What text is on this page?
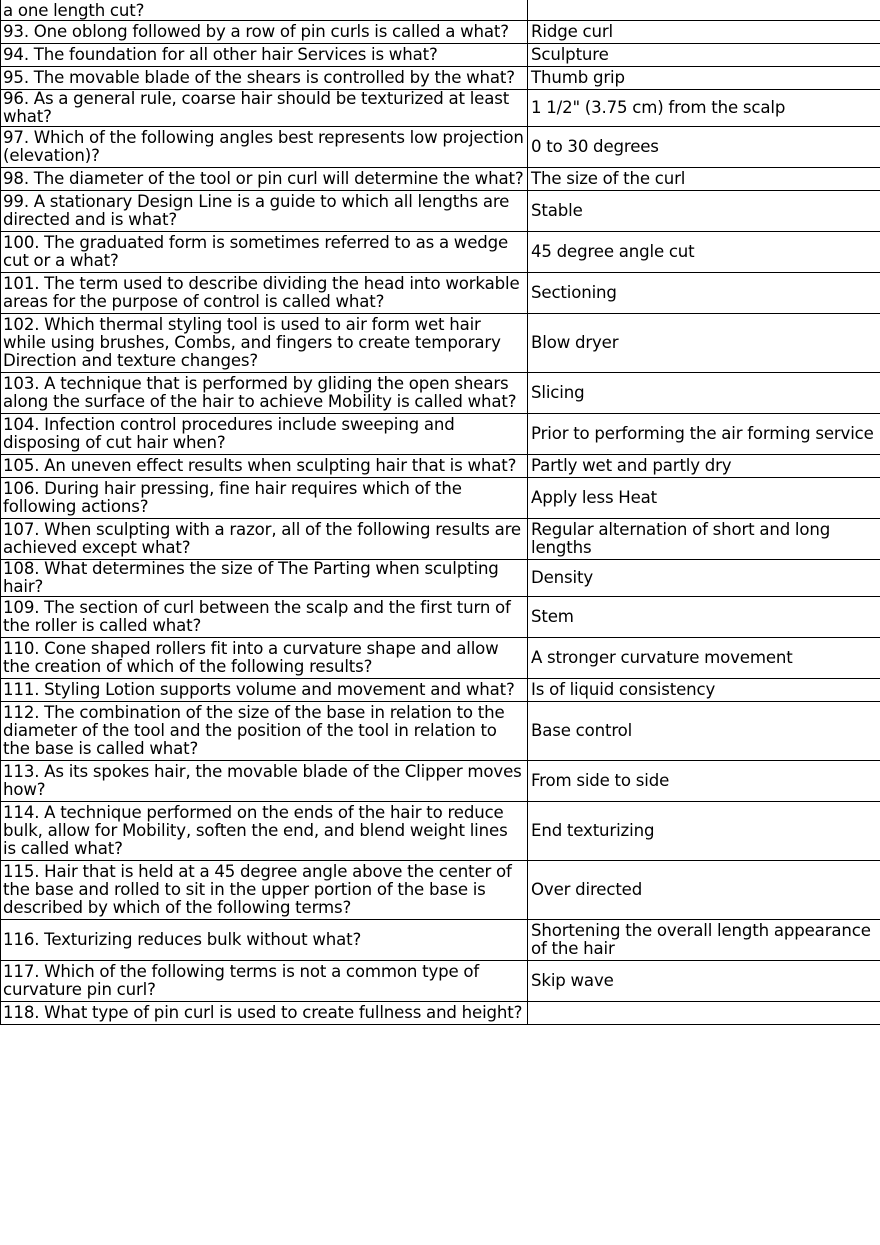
a one length cut?	
93. One oblong followed by a row of pin curls is called a what?	Ridge curl
94. The foundation for all other hair Services is what?	Sculpture
95. The movable blade of the shears is controlled by the what?	Thumb grip
96. As a general rule, coarse hair should be texturized at least what?	1 1/2" (3.75 cm) from the scalp
97. Which of the following angles best represents low projection (elevation)?	0 to 30 degrees
98. The diameter of the tool or pin curl will determine the what?	The size of the curl
99. A stationary Design Line is a guide to which all lengths are directed and is what?	Stable
100. The graduated form is sometimes referred to as a wedge cut or a what?	45 degree angle cut
101. The term used to describe dividing the head into workable areas for the purpose of control is called what?	Sectioning
102. Which thermal styling tool is used to air form wet hair while using brushes, Combs, and fingers to create temporary Direction and texture changes?	Blow dryer
103. A technique that is performed by gliding the open shears along the surface of the hair to achieve Mobility is called what?	Slicing
104. Infection control procedures include sweeping and disposing of cut hair when?	Prior to performing the air forming service
105. An uneven effect results when sculpting hair that is what?	Partly wet and partly dry
106. During hair pressing, fine hair requires which of the following actions?	Apply less Heat
107. When sculpting with a razor, all of the following results are achieved except what?	Regular alternation of short and long lengths
108. What determines the size of The Parting when sculpting hair?	Density
109. The section of curl between the scalp and the first turn of the roller is called what?	Stem
110. Cone shaped rollers fit into a curvature shape and allow the creation of which of the following results?	A stronger curvature movement
111. Styling Lotion supports volume and movement and what?	Is of liquid consistency
112. The combination of the size of the base in relation to the diameter of the tool and the position of the tool in relation to the base is called what?	Base control
113. As its spokes hair, the movable blade of the Clipper moves how?	From side to side
114. A technique performed on the ends of the hair to reduce bulk, allow for Mobility, soften the end, and blend weight lines is called what?	End texturizing
115. Hair that is held at a 45 degree angle above the center of the base and rolled to sit in the upper portion of the base is described by which of the following terms?	Over directed
116. Texturizing reduces bulk without what?	Shortening the overall length appearance of the hair
117. Which of the following terms is not a common type of curvature pin curl?	Skip wave
118. What type of pin curl is used to create fullness and height?	
